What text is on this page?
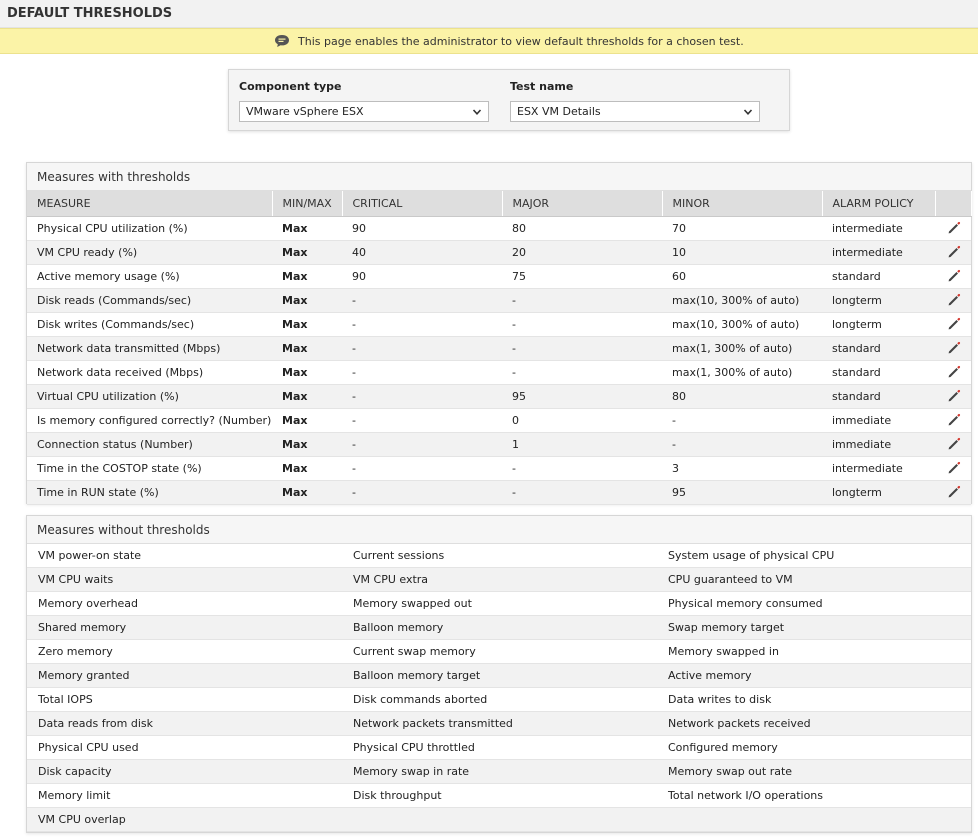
DEFAULT THRESHOLDS
This page enables the administrator to view default thresholds for a chosen test.
Component type
VMware vSphere ESX
Test name
ESX VM Details
Measures with thresholds
MEASURE	MIN/MAX	CRITICAL	MAJOR	MINOR	ALARM POLICY	
Physical CPU utilization (%)	Max	90	80	70	intermediate	

VM CPU ready (%)	Max	40	20	10	intermediate	

Active memory usage (%)	Max	90	75	60	standard	

Disk reads (Commands/sec)	Max	-	-	max(10, 300% of auto)	longterm	

Disk writes (Commands/sec)	Max	-	-	max(10, 300% of auto)	longterm	

Network data transmitted (Mbps)	Max	-	-	max(1, 300% of auto)	standard	

Network data received (Mbps)	Max	-	-	max(1, 300% of auto)	standard	

Virtual CPU utilization (%)	Max	-	95	80	standard	

Is memory configured correctly? (Number)	Max	-	0	-	immediate	

Connection status (Number)	Max	-	1	-	immediate	

Time in the COSTOP state (%)	Max	-	-	3	intermediate	

Time in RUN state (%)	Max	-	-	95	longterm	
Measures without thresholds
VM power-on state	Current sessions	System usage of physical CPU
VM CPU waits	VM CPU extra	CPU guaranteed to VM
Memory overhead	Memory swapped out	Physical memory consumed
Shared memory	Balloon memory	Swap memory target
Zero memory	Current swap memory	Memory swapped in
Memory granted	Balloon memory target	Active memory
Total IOPS	Disk commands aborted	Data writes to disk
Data reads from disk	Network packets transmitted	Network packets received
Physical CPU used	Physical CPU throttled	Configured memory
Disk capacity	Memory swap in rate	Memory swap out rate
Memory limit	Disk throughput	Total network I/O operations
VM CPU overlap
